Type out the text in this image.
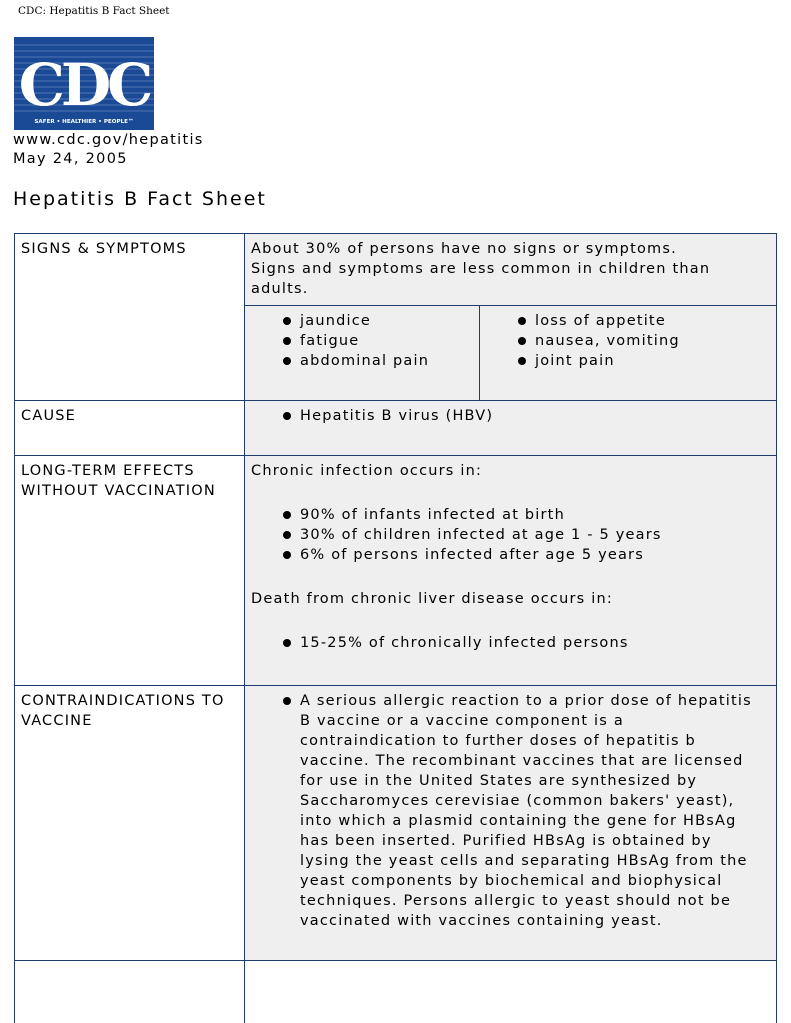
CDC: Hepatitis B Fact Sheet
CDC
SAFER • HEALTHIER • PEOPLE™
www.cdc.gov/hepatitis
May 24, 2005
Hepatitis B Fact Sheet
SIGNS & SYMPTOMS	About 30% of persons have no signs or symptoms.

Signs and symptoms are less common in children than adults.

jaundice
fatigue
abdominal pain
loss of appetite
nausea, vomiting
joint pain
CAUSE	Hepatitis B virus (HBV)
LONG-TERM EFFECTS WITHOUT VACCINATION

Chronic infection occurs in:

90% of infants infected at birth
30% of children infected at age 1 - 5 years
6% of persons infected after age 5 years

Death from chronic liver disease occurs in:

15-25% of chronically infected persons
CONTRAINDICATIONS TO VACCINE
A serious allergic reaction to a prior dose of hepatitis B vaccine or a vaccine component is a contraindication to further doses of hepatitis b vaccine. The recombinant vaccines that are licensed for use in the United States are synthesized by Saccharomyces cerevisiae (common bakers' yeast), into which a plasmid containing the gene for HBsAg has been inserted. Purified HBsAg is obtained by lysing the yeast cells and separating HBsAg from the yeast components by biochemical and biophysical techniques. Persons allergic to yeast should not be vaccinated with vaccines containing yeast.
